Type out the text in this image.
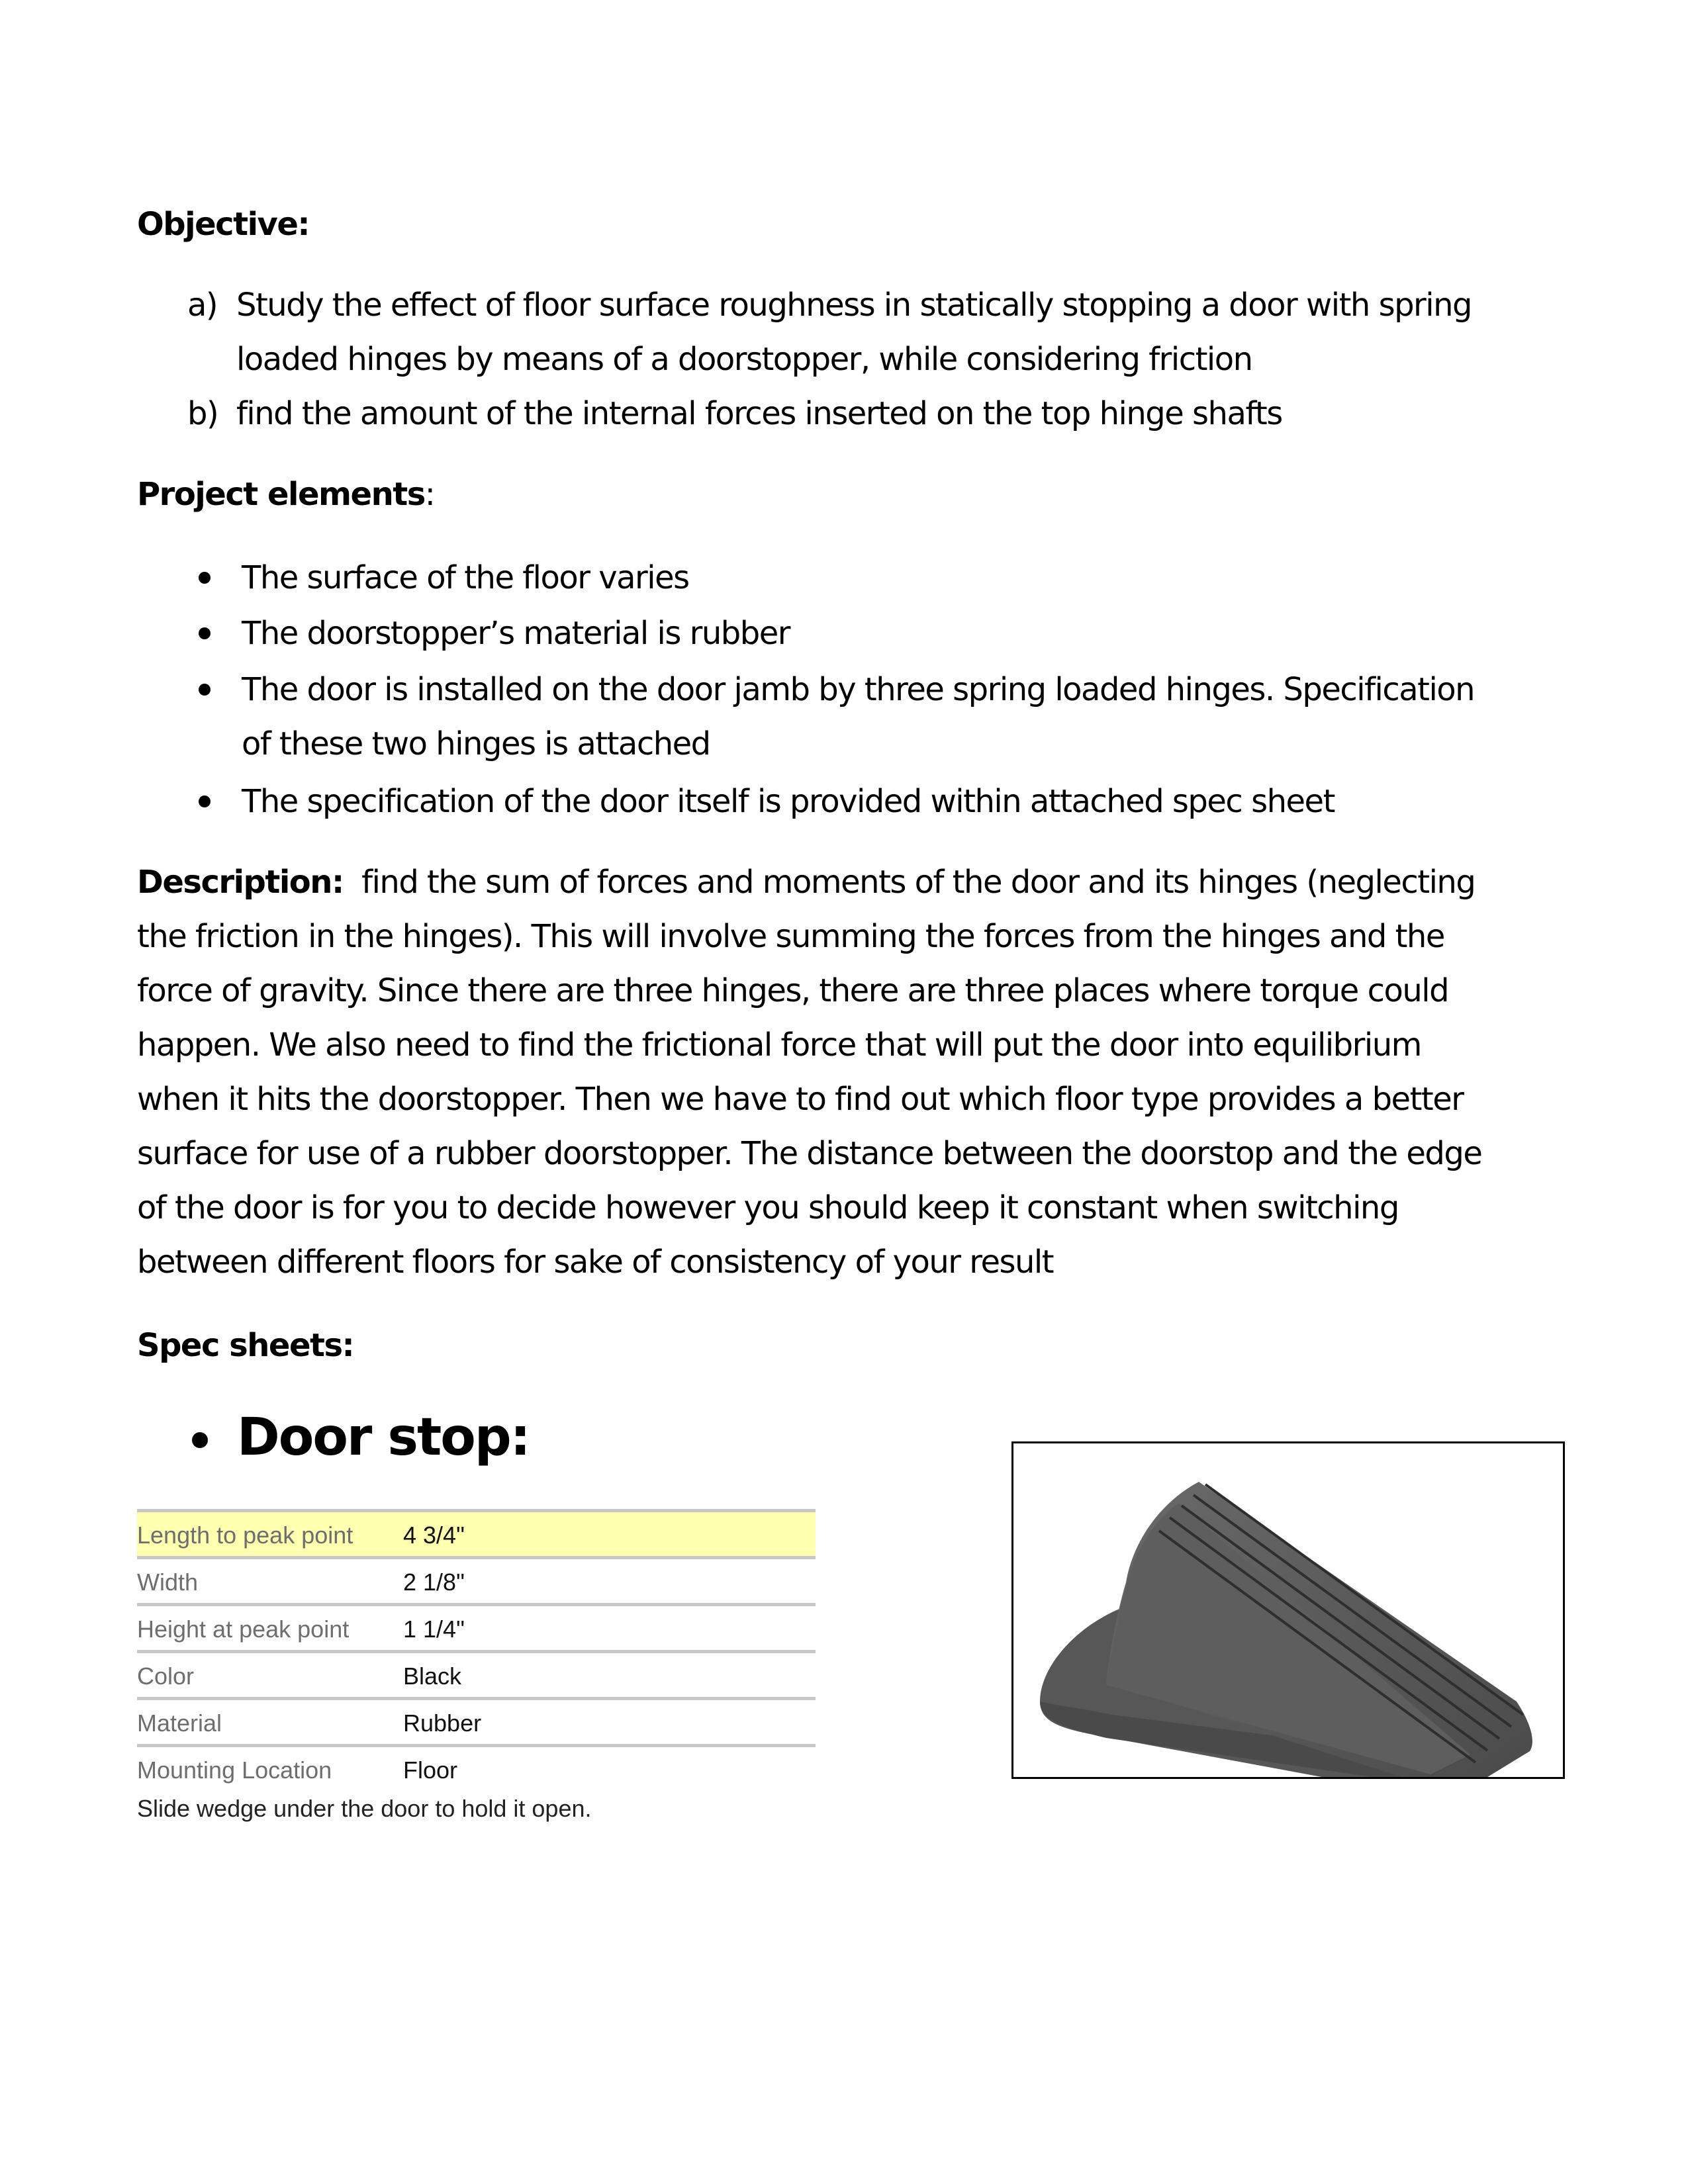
Objective:
a) Study the effect of floor surface roughness in statically stopping a door with spring
loaded hinges by means of a doorstopper, while considering friction
b) find the amount of the internal forces inserted on the top hinge shafts
Project elements:
The surface of the floor varies
The doorstopper’s material is rubber
The door is installed on the door jamb by three spring loaded hinges. Specification
of these two hinges is attached
The specification of the door itself is provided within attached spec sheet

Description: find the sum of forces and moments of the door and its hinges (neglecting

the friction in the hinges). This will involve summing the forces from the hinges and the

force of gravity. Since there are three hinges, there are three places where torque could

happen. We also need to find the frictional force that will put the door into equilibrium

when it hits the doorstopper. Then we have to find out which floor type provides a better

surface for use of a rubber doorstopper. The distance between the doorstop and the edge

of the door is for you to decide however you should keep it constant when switching

between different floors for sake of consistency of your result

Spec sheets:
Door stop:
Length to peak point 4 3/4"
Width	2 1/8"
Height at peak point 1 1/4"
Color	Black
Material	Rubber
Mounting Location	Floor
Slide wedge under the door to hold it open.
